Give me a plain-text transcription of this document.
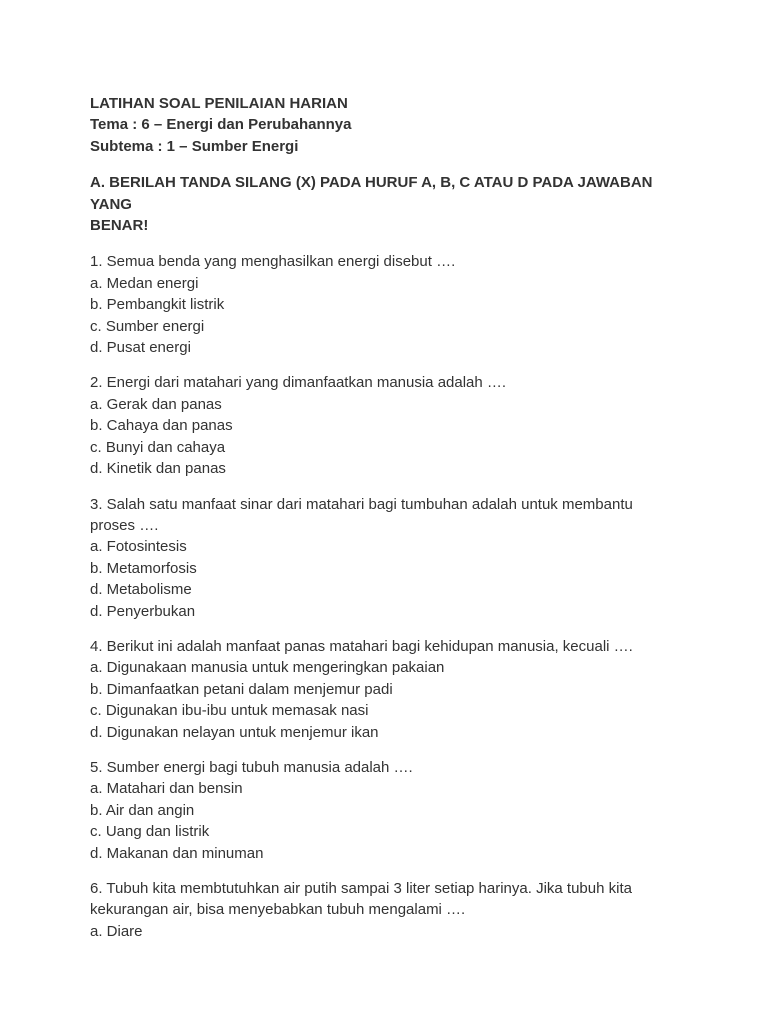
LATIHAN SOAL PENILAIAN HARIAN
Tema : 6 – Energi dan Perubahannya
Subtema : 1 – Sumber Energi
A. BERILAH TANDA SILANG (X) PADA HURUF A, B, C ATAU D PADA JAWABAN YANG
BENAR!
1. Semua benda yang menghasilkan energi disebut ….
a. Medan energi
b. Pembangkit listrik
c. Sumber energi
d. Pusat energi
2. Energi dari matahari yang dimanfaatkan manusia adalah ….
a. Gerak dan panas
b. Cahaya dan panas
c. Bunyi dan cahaya
d. Kinetik dan panas
3. Salah satu manfaat sinar dari matahari bagi tumbuhan adalah untuk membantu
proses ….
a. Fotosintesis
b. Metamorfosis
d. Metabolisme
d. Penyerbukan
4. Berikut ini adalah manfaat panas matahari bagi kehidupan manusia, kecuali ….
a. Digunakaan manusia untuk mengeringkan pakaian
b. Dimanfaatkan petani dalam menjemur padi
c. Digunakan ibu-ibu untuk memasak nasi
d. Digunakan nelayan untuk menjemur ikan
5. Sumber energi bagi tubuh manusia adalah ….
a. Matahari dan bensin
b. Air dan angin
c. Uang dan listrik
d. Makanan dan minuman
6. Tubuh kita membtutuhkan air putih sampai 3 liter setiap harinya. Jika tubuh kita
kekurangan air, bisa menyebabkan tubuh mengalami ….
a. Diare
